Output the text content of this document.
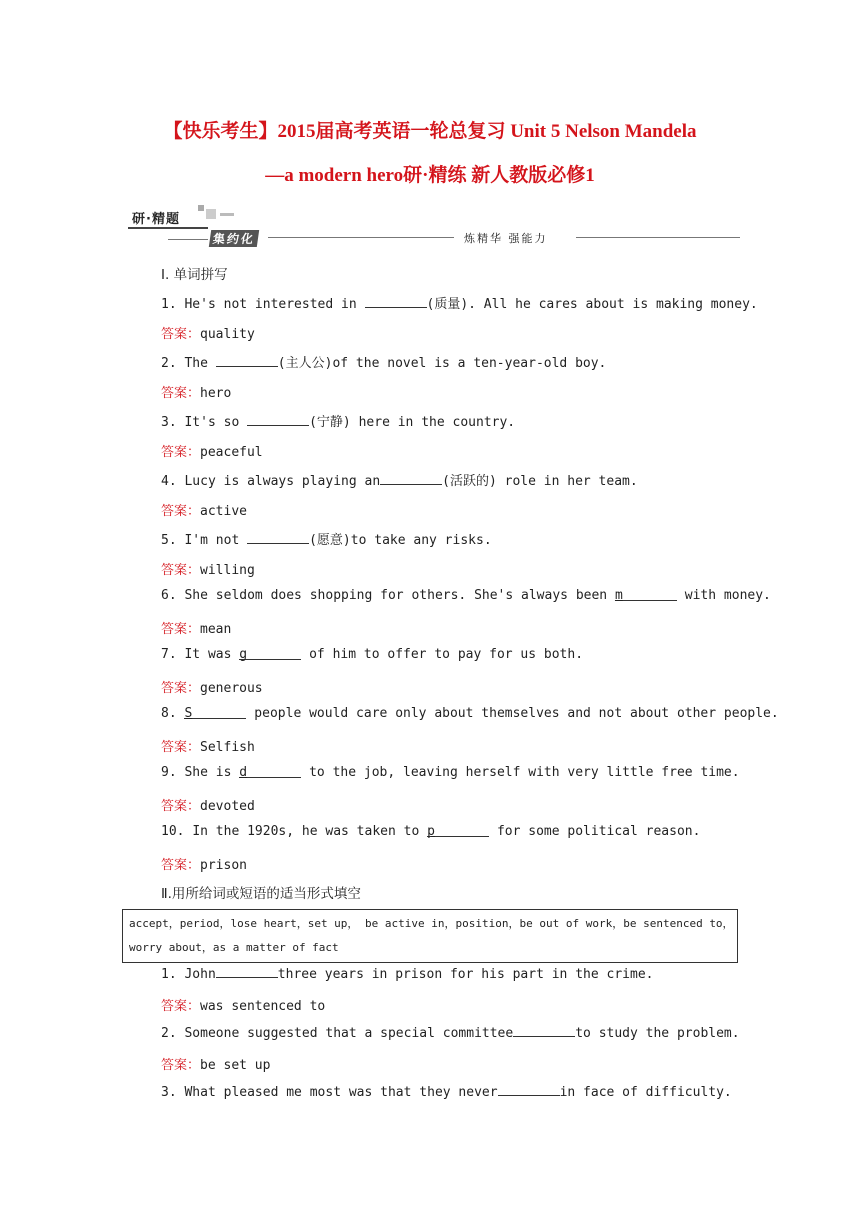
【快乐考生】2015届高考英语一轮总复习 Unit 5 Nelson Mandela
—a modern hero研·精练 新人教版必修1
研·精题
集约化	炼精华 强能力
Ⅰ. 单词拼写
1. He's not interested in	(质量). All he cares about is making money.
答案：quality
2. The	(主人公)of the novel is a ten-year-old boy.
答案：hero
3. It's so	(宁静) here in the country.
答案：peaceful
4. Lucy is always playing an	(活跃的) role in her team.
答案：active
5. I'm not	(愿意)to take any risks.
答案：willing
6. She seldom does shopping for others. She's always been m	with money.
答案：mean
7. It was g	of him to offer to pay for us both.
答案：generous
8. S	people would care only about themselves and not about other people.
答案：Selfish
9. She is d	to the job, leaving herself with very little free time.
答案：devoted
10. In the 1920s, he was taken to p	for some political reason.
答案：prison
Ⅱ.用所给词或短语的适当形式填空
accept，period，lose heart，set up， be active in，position，be out of work，be sentenced to，
worry about，as a matter of fact
1. John	three years in prison for his part in the crime.
答案：was sentenced to
2. Someone suggested that a special committee	to study the problem.
答案：be set up
3. What pleased me most was that they never	in face of difficulty.
